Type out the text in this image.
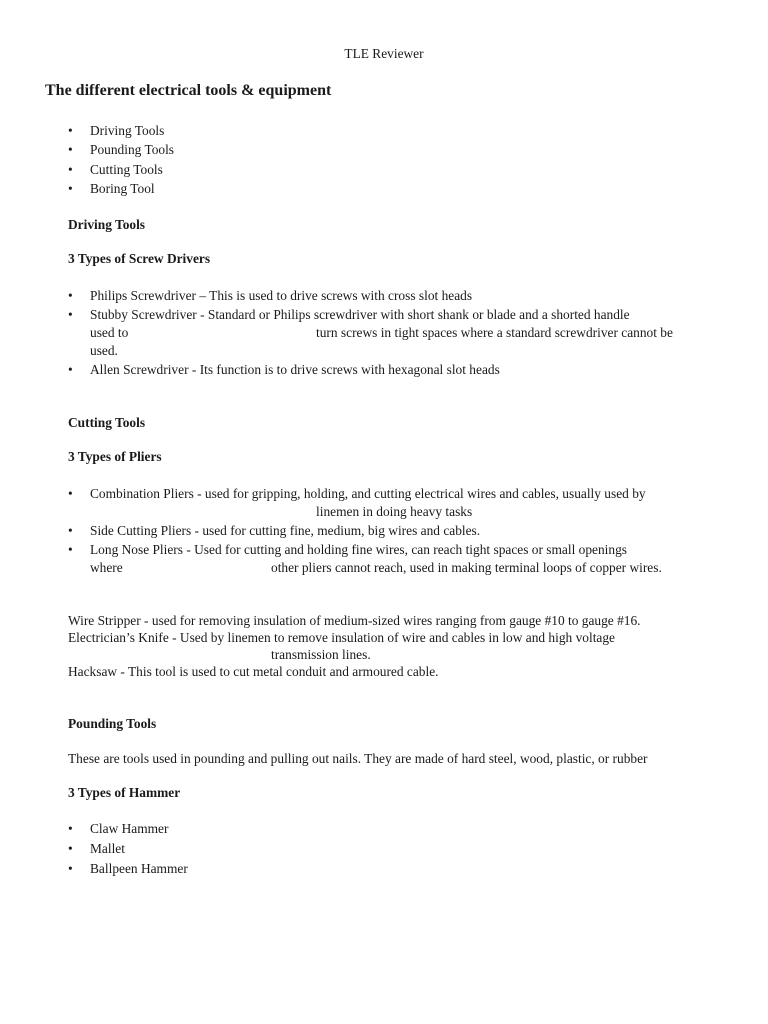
TLE Reviewer
The different electrical tools & equipment
•	Driving Tools
•	Pounding Tools
•	Cutting Tools
•	Boring Tool
Driving Tools
3 Types of Screw Drivers
•	Philips Screwdriver – This is used to drive screws with cross slot heads
•	Stubby Screwdriver - Standard or Philips screwdriver with short shank or blade and a shorted handle
used to	turn screws in tight spaces where a standard screwdriver cannot be
used.
•	Allen Screwdriver - Its function is to drive screws with hexagonal slot heads
Cutting Tools
3 Types of Pliers
•	Combination Pliers - used for gripping, holding, and cutting electrical wires and cables, usually used by
linemen in doing heavy tasks
•	Side Cutting Pliers - used for cutting fine, medium, big wires and cables.
•	Long Nose Pliers - Used for cutting and holding fine wires, can reach tight spaces or small openings
where	other pliers cannot reach, used in making terminal loops of copper wires.
Wire Stripper - used for removing insulation of medium-sized wires ranging from gauge #10 to gauge #16.
Electrician’s Knife - Used by linemen to remove insulation of wire and cables in low and high voltage
transmission lines.
Hacksaw - This tool is used to cut metal conduit and armoured cable.
Pounding Tools
These are tools used in pounding and pulling out nails. They are made of hard steel, wood, plastic, or rubber
3 Types of Hammer
•	Claw Hammer
•	Mallet
•	Ballpeen Hammer
